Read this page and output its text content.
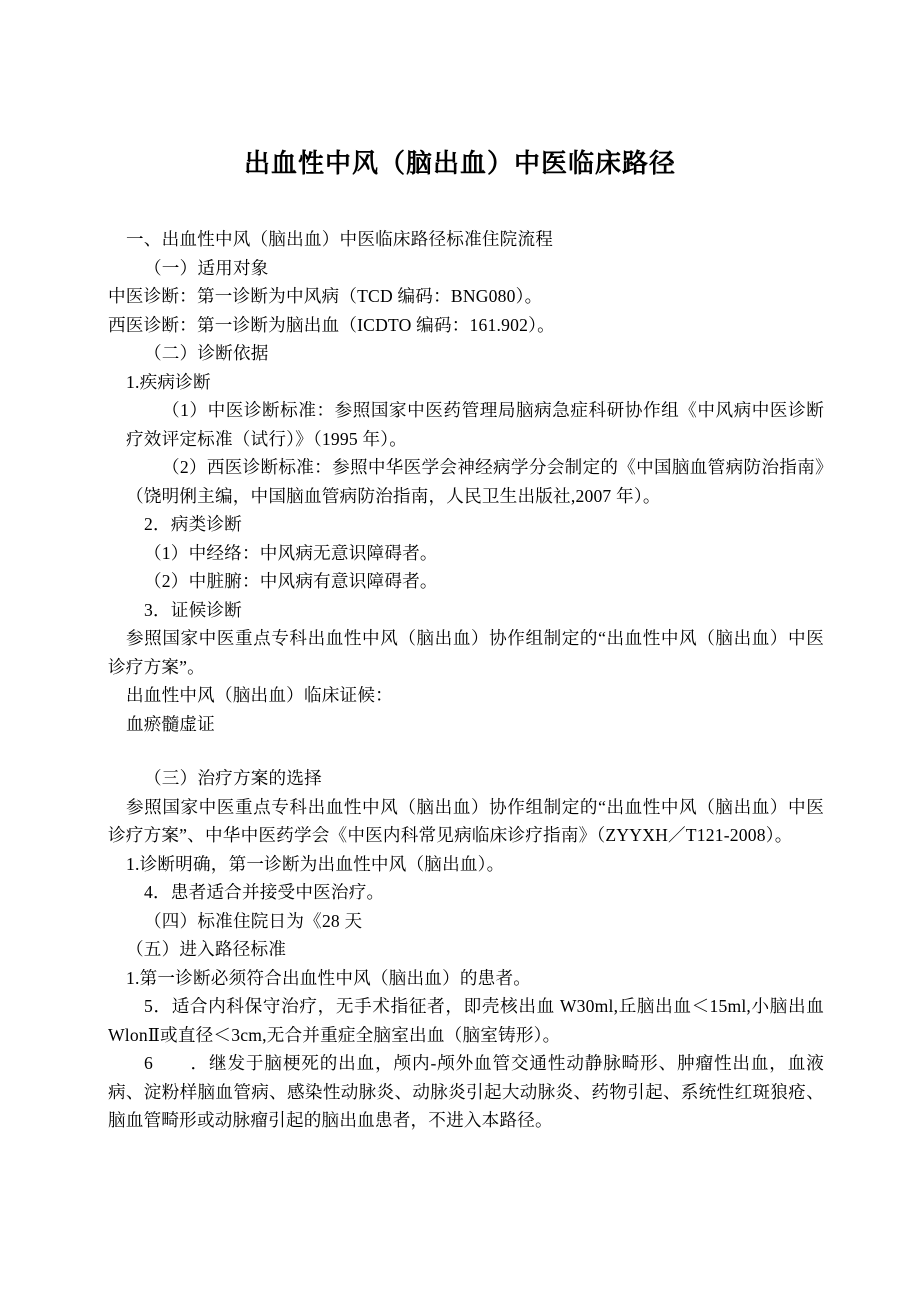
出血性中风（脑出血）中医临床路径

一、出血性中风（脑出血）中医临床路径标准住院流程

（一）适用对象

中医诊断：第一诊断为中风病（TCD 编码：BNG080）。

西医诊断：第一诊断为脑出血（ICDTO 编码：161.902）。

（二）诊断依据

1.疾病诊断

（1）中医诊断标准：参照国家中医药管理局脑病急症科研协作组《中风病中医诊断疗效评定标准（试行）》（1995 年）。

（2）西医诊断标准：参照中华医学会神经病学分会制定的《中国脑血管病防治指南》（饶明俐主编，中国脑血管病防治指南，人民卫生出版社,2007 年）。

2．病类诊断

（1）中经络：中风病无意识障碍者。

（2）中脏腑：中风病有意识障碍者。

3．证候诊断

参照国家中医重点专科出血性中风（脑出血）协作组制定的“出血性中风（脑出血）中医诊疗方案”。

出血性中风（脑出血）临床证候：

血瘀髓虚证

（三）治疗方案的选择

参照国家中医重点专科出血性中风（脑出血）协作组制定的“出血性中风（脑出血）中医诊疗方案”、中华中医药学会《中医内科常见病临床诊疗指南》（ZYYXH／T121-2008）。

1.诊断明确，第一诊断为出血性中风（脑出血）。

4．患者适合并接受中医治疗。

（四）标准住院日为《28 天

（五）进入路径标准

1.第一诊断必须符合出血性中风（脑出血）的患者。

5．适合内科保守治疗，无手术指征者，即壳核出血 W30ml,丘脑出血＜15ml,小脑出血 WlonⅡ或直径＜3cm,无合并重症全脑室出血（脑室铸形）。

6　　．继发于脑梗死的出血，颅内-颅外血管交通性动静脉畸形、肿瘤性出血，血液病、淀粉样脑血管病、感染性动脉炎、动脉炎引起大动脉炎、药物引起、系统性红斑狼疮、脑血管畸形或动脉瘤引起的脑出血患者，不进入本路径。
